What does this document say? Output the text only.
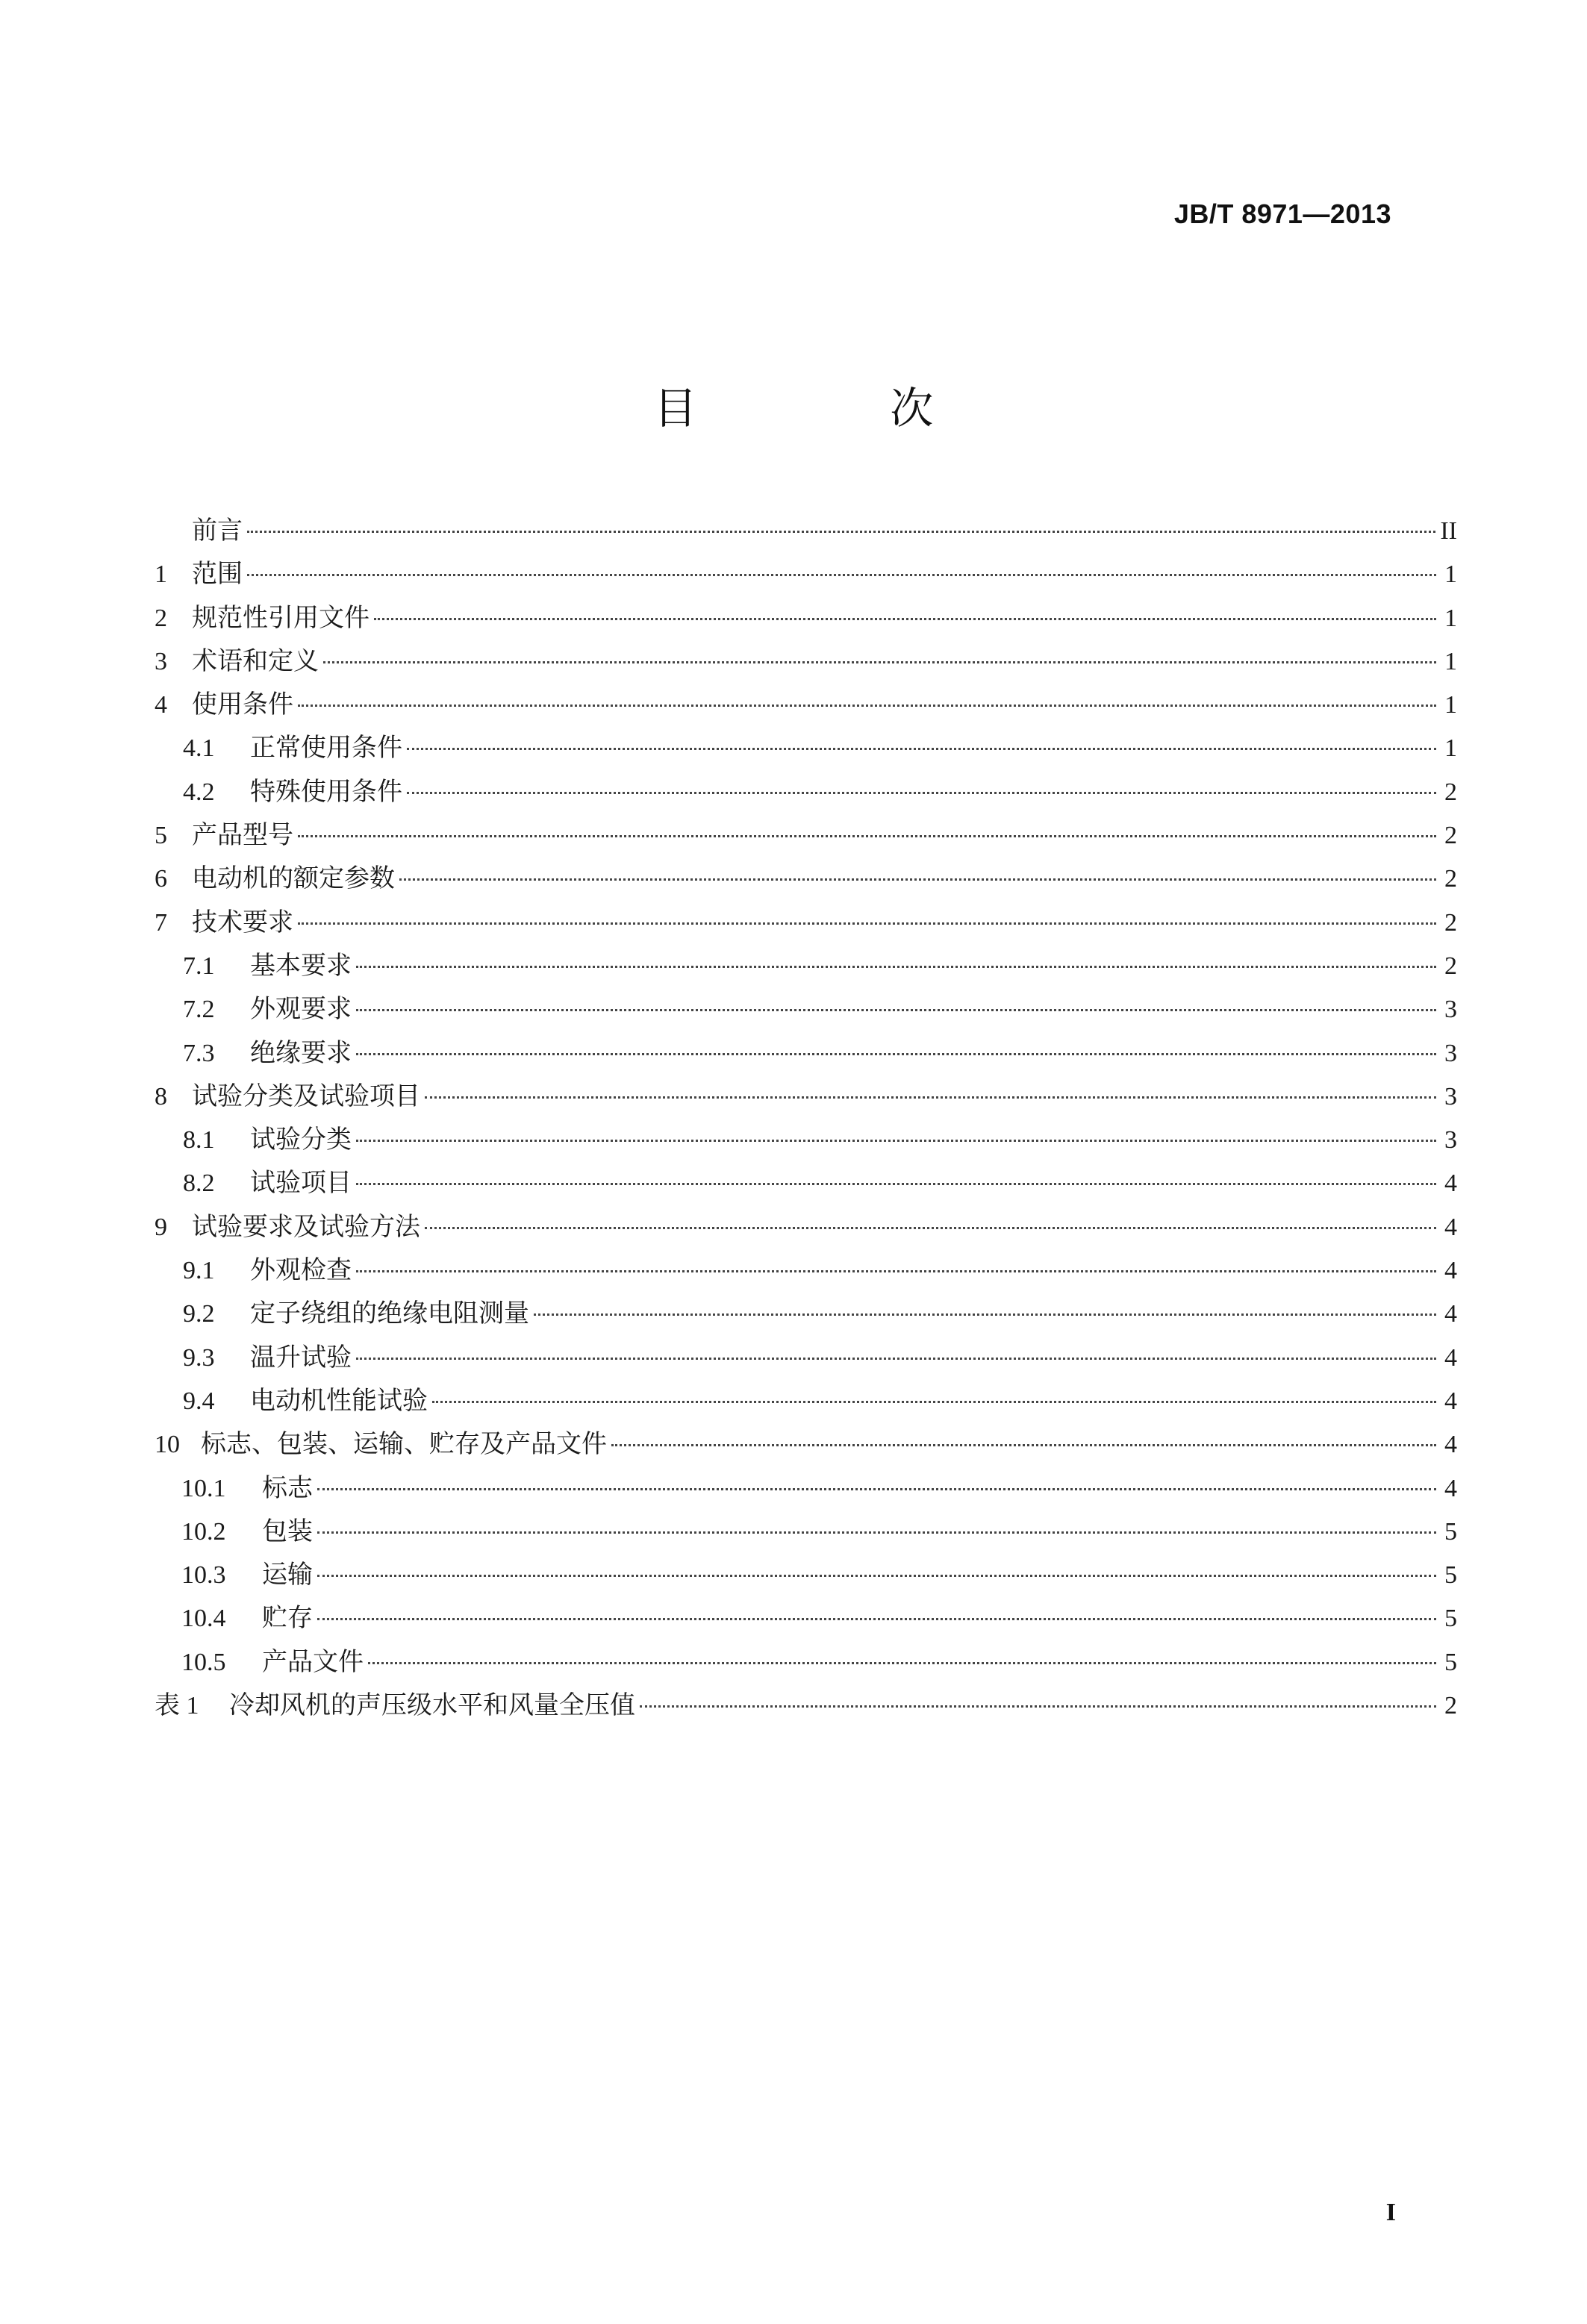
JB/T 8971—2013
目 次
前言	II
1 范围	1
2 规范性引用文件	1
3 术语和定义	1
4 使用条件	1
4.1	正常使用条件	1
4.2	特殊使用条件	2
5 产品型号	2
6 电动机的额定参数	2
7 技术要求	2
7.1	基本要求	2
7.2	外观要求	3
7.3	绝缘要求	3
8 试验分类及试验项目	3
8.1	试验分类	3
8.2	试验项目	4
9 试验要求及试验方法	4
9.1	外观检查	4
9.2	定子绕组的绝缘电阻测量	4
9.3	温升试验	4
9.4	电动机性能试验	4
10 标志、包装、运输、贮存及产品文件	4
10.1	标志	4
10.2	包装	5
10.3	运输	5
10.4	贮存	5
10.5	产品文件	5
表 1	冷却风机的声压级水平和风量全压值	2
I
